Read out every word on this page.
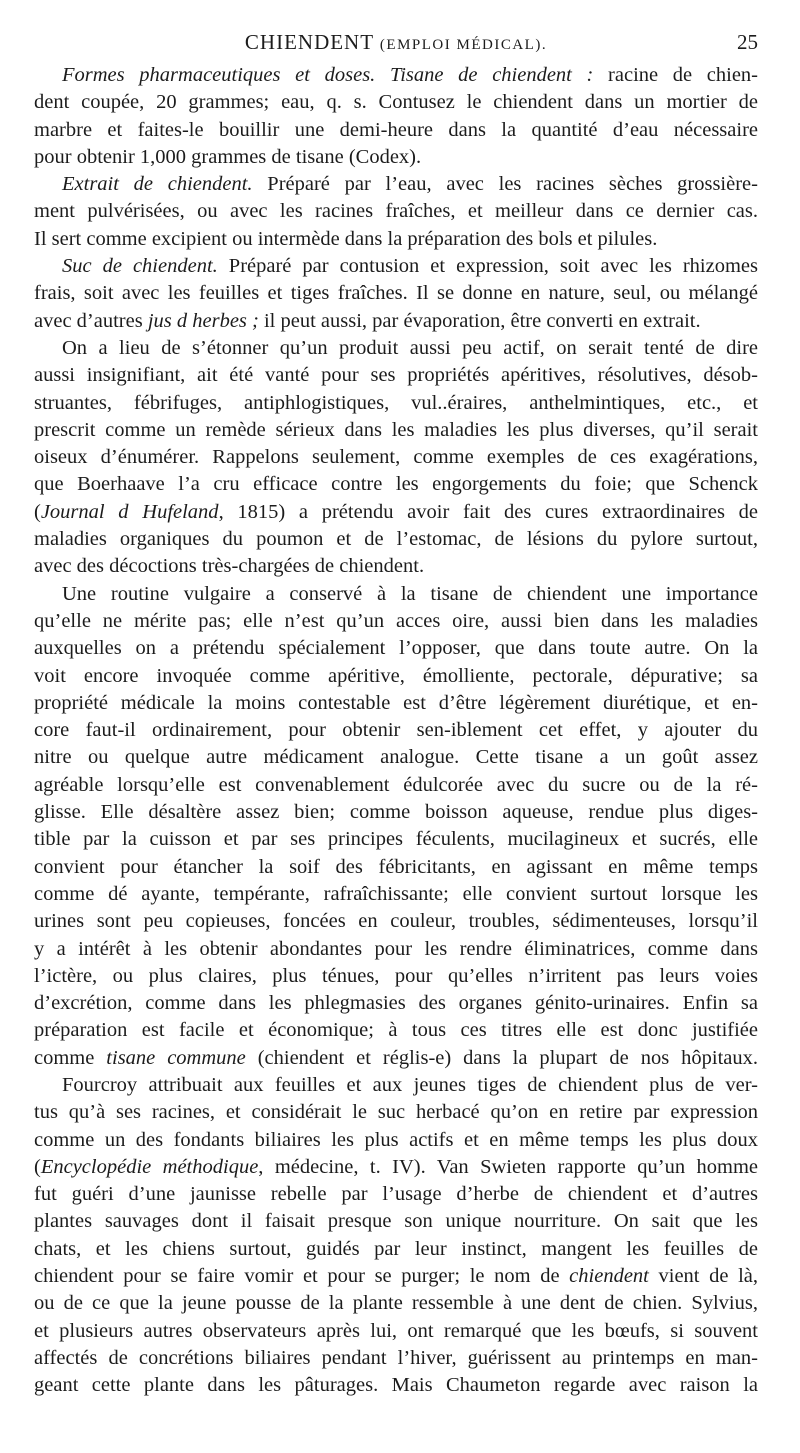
CHIENDENT (EMPLOI MÉDICAL).	25
Formes pharmaceutiques et doses. Tisane de chiendent : racine de chien-
dent coupée, 20 grammes; eau, q. s. Contusez le chiendent dans un mortier de
marbre et faites-le bouillir une demi-heure dans la quantité d’eau nécessaire
pour obtenir 1,000 grammes de tisane (Codex).
Extrait de chiendent. Préparé par l’eau, avec les racines sèches grossière-
ment pulvérisées, ou avec les racines fraîches, et meilleur dans ce dernier cas.
Il sert comme excipient ou intermède dans la préparation des bols et pilules.
Suc de chiendent. Préparé par contusion et expression, soit avec les rhizomes
frais, soit avec les feuilles et tiges fraîches. Il se donne en nature, seul, ou mélangé
avec d’autres jus d herbes ; il peut aussi, par évaporation, être converti en extrait.
On a lieu de s’étonner qu’un produit aussi peu actif, on serait tenté de dire
aussi insignifiant, ait été vanté pour ses propriétés apéritives, résolutives, désob-
struantes, fébrifuges, antiphlogistiques, vul..éraires, anthelmintiques, etc., et
prescrit comme un remède sérieux dans les maladies les plus diverses, qu’il serait
oiseux d’énumérer. Rappelons seulement, comme exemples de ces exagérations,
que Boerhaave l’a cru efficace contre les engorgements du foie; que Schenck
(Journal d Hufeland, 1815) a prétendu avoir fait des cures extraordinaires de
maladies organiques du poumon et de l’estomac, de lésions du pylore surtout,
avec des décoctions très-chargées de chiendent.
Une routine vulgaire a conservé à la tisane de chiendent une importance
qu’elle ne mérite pas; elle n’est qu’un acces oire, aussi bien dans les maladies
auxquelles on a prétendu spécialement l’opposer, que dans toute autre. On la
voit encore invoquée comme apéritive, émolliente, pectorale, dépurative; sa
propriété médicale la moins contestable est d’être légèrement diurétique, et en-
core faut-il ordinairement, pour obtenir sen-iblement cet effet, y ajouter du
nitre ou quelque autre médicament analogue. Cette tisane a un goût assez
agréable lorsqu’elle est convenablement édulcorée avec du sucre ou de la ré-
glisse. Elle désaltère assez bien; comme boisson aqueuse, rendue plus diges-
tible par la cuisson et par ses principes féculents, mucilagineux et sucrés, elle
convient pour étancher la soif des fébricitants, en agissant en même temps
comme dé ayante, tempérante, rafraîchissante; elle convient surtout lorsque les
urines sont peu copieuses, foncées en couleur, troubles, sédimenteuses, lorsqu’il
y a intérêt à les obtenir abondantes pour les rendre éliminatrices, comme dans
l’ictère, ou plus claires, plus ténues, pour qu’elles n’irritent pas leurs voies
d’excrétion, comme dans les phlegmasies des organes génito-urinaires. Enfin sa
préparation est facile et économique; à tous ces titres elle est donc justifiée
comme tisane commune (chiendent et réglis-e) dans la plupart de nos hôpitaux.
Fourcroy attribuait aux feuilles et aux jeunes tiges de chiendent plus de ver-
tus qu’à ses racines, et considérait le suc herbacé qu’on en retire par expression
comme un des fondants biliaires les plus actifs et en même temps les plus doux
(Encyclopédie méthodique, médecine, t. IV). Van Swieten rapporte qu’un homme
fut guéri d’une jaunisse rebelle par l’usage d’herbe de chiendent et d’autres
plantes sauvages dont il faisait presque son unique nourriture. On sait que les
chats, et les chiens surtout, guidés par leur instinct, mangent les feuilles de
chiendent pour se faire vomir et pour se purger; le nom de chiendent vient de là,
ou de ce que la jeune pousse de la plante ressemble à une dent de chien. Sylvius,
et plusieurs autres observateurs après lui, ont remarqué que les bœufs, si souvent
affectés de concrétions biliaires pendant l’hiver, guérissent au printemps en man-
geant cette plante dans les pâturages. Mais Chaumeton regarde avec raison la
